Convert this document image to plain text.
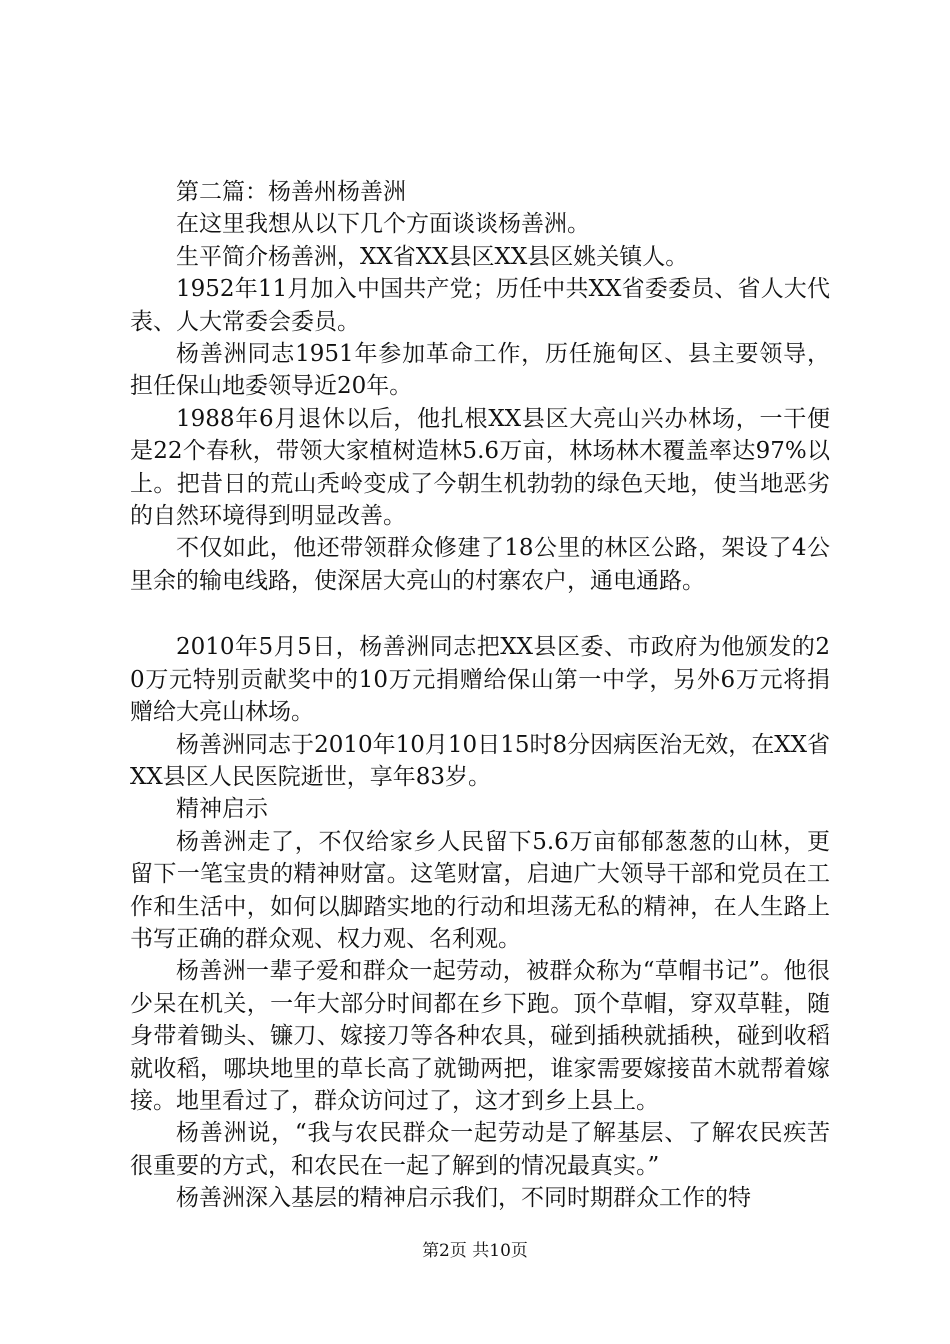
第二篇：杨善州杨善洲

在这里我想从以下几个方面谈谈杨善洲。

生平简介杨善洲，XX省XX县区XX县区姚关镇人。

1952年11月加入中国共产党；历任中共XX省委委员、省人大代表、人大常委会委员。

杨善洲同志1951年参加革命工作，历任施甸区、县主要领导，担任保山地委领导近20年。

1988年6月退休以后，他扎根XX县区大亮山兴办林场，一干便是22个春秋，带领大家植树造林5.6万亩，林场林木覆盖率达97%以上。把昔日的荒山秃岭变成了今朝生机勃勃的绿色天地，使当地恶劣的自然环境得到明显改善。

不仅如此，他还带领群众修建了18公里的林区公路，架设了4公里余的输电线路，使深居大亮山的村寨农户，通电通路。

2010年5月5日，杨善洲同志把XX县区委、市政府为他颁发的20万元特别贡献奖中的10万元捐赠给保山第一中学，另外6万元将捐赠给大亮山林场。

杨善洲同志于2010年10月10日15时8分因病医治无效，在XX省XX县区人民医院逝世，享年83岁。

精神启示

杨善洲走了，不仅给家乡人民留下5.6万亩郁郁葱葱的山林，更留下一笔宝贵的精神财富。这笔财富，启迪广大领导干部和党员在工作和生活中，如何以脚踏实地的行动和坦荡无私的精神，在人生路上书写正确的群众观、权力观、名利观。

杨善洲一辈子爱和群众一起劳动，被群众称为“草帽书记”。他很少呆在机关，一年大部分时间都在乡下跑。顶个草帽，穿双草鞋，随身带着锄头、镰刀、嫁接刀等各种农具，碰到插秧就插秧，碰到收稻就收稻，哪块地里的草长高了就锄两把，谁家需要嫁接苗木就帮着嫁接。地里看过了，群众访问过了，这才到乡上县上。

杨善洲说，“我与农民群众一起劳动是了解基层、了解农民疾苦很重要的方式，和农民在一起了解到的情况最真实。”

杨善洲深入基层的精神启示我们，不同时期群众工作的特

第2页 共10页
